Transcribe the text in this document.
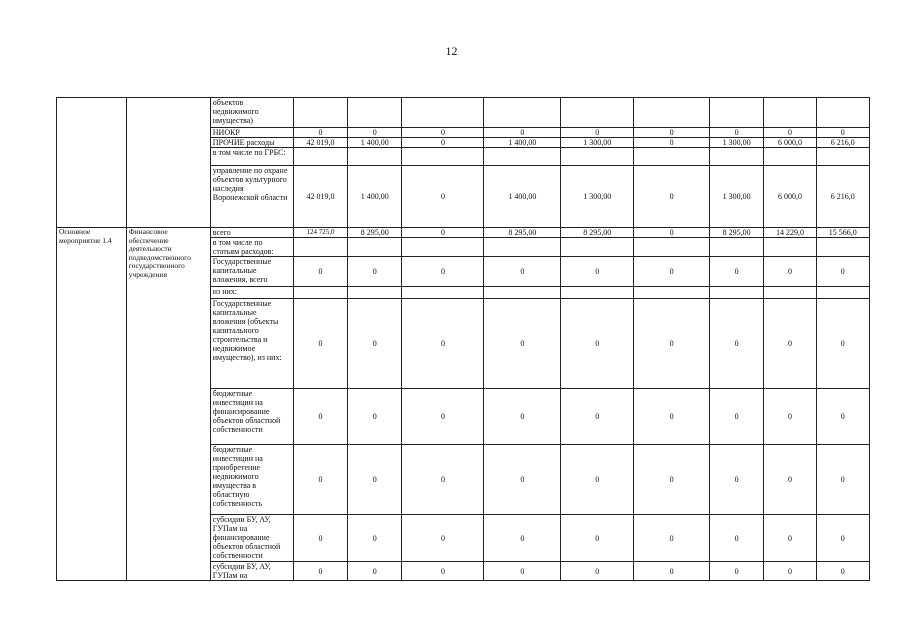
12
		объектов недвижимого имущества)									
		НИОКР	0	0	0	0	0	0	0	0	0
		ПРОЧИЕ расходы	42 019,0	1 400,00	0	1 400,00	1 300,00	0	1 300,00	6 000,0	6 216,0
		в том числе по ГРБС:									
		управление по охране объектов культурного наследия Воронежской области	42 019,0	1 400,00	0	1 400,00	1 300,00	0	1 300,00	6 000,0	6 216,0
Основное мероприятие 1.4	Финансовое обеспечение деятельности подведомственного государственного учреждения	всего	124 725,0	8 295,00	0	8 295,00	8 295,00	0	8 295,00	14 229,0	15 566,0
		в том числе по статьям расходов:									
		Государственные капитальные вложения, всего	0	0	0	0	0	0	0	0	0
		из них:									
		Государственные капитальные вложения (объекты капитального строительства и недвижимое имущество), из них:	0	0	0	0	0	0	0	0	0
		бюджетные инвестиции на финансирование объектов областной собственности	0	0	0	0	0	0	0	0	0
		бюджетные инвестиции на приобретение недвижимого имущества в областную собственность	0	0	0	0	0	0	0	0	0
		субсидии БУ, АУ, ГУПам на финансирование объектов областной собственности	0	0	0	0	0	0	0	0	0
		субсидии БУ, АУ, ГУПам на	0	0	0	0	0	0	0	0	0
